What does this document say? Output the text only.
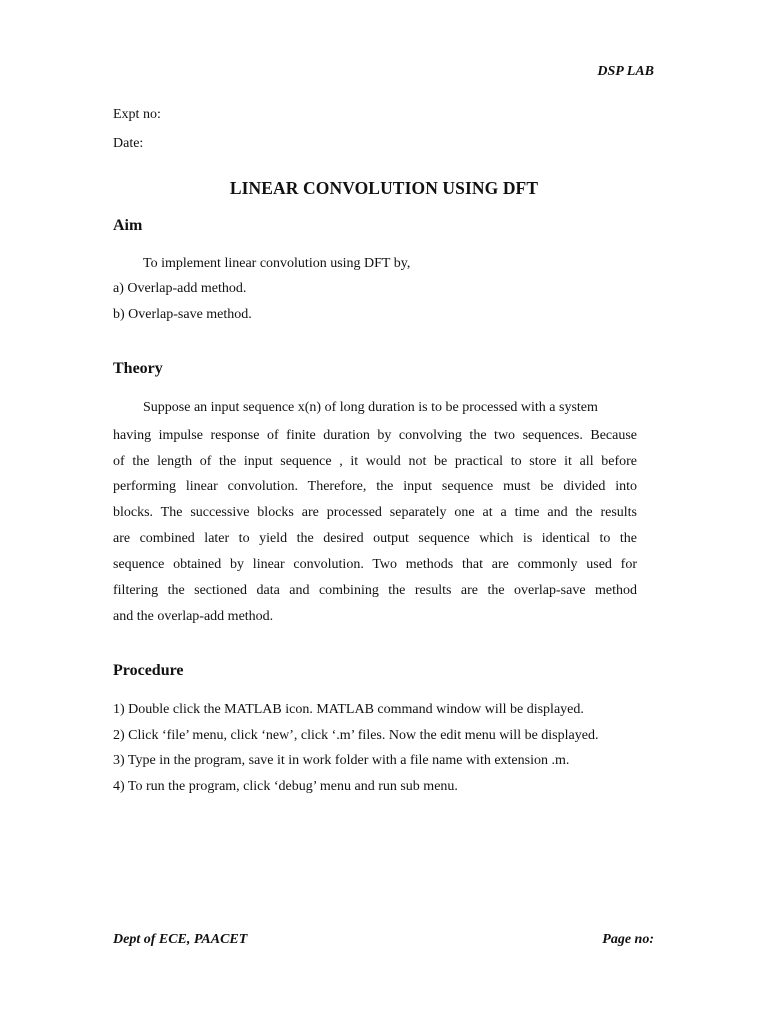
DSP LAB
Expt no:
Date:
LINEAR CONVOLUTION USING DFT
Aim
To implement linear convolution using DFT by,
a) Overlap-add method.
b) Overlap-save method.
Theory
Suppose an input sequence x(n) of long duration is to be processed with a system
having impulse response of finite duration by convolving the two sequences. Because
of the length of the input sequence , it would not be practical to store it all before
performing linear convolution. Therefore, the input sequence must be divided into
blocks. The successive blocks are processed separately one at a time and the results
are combined later to yield the desired output sequence which is identical to the
sequence obtained by linear convolution. Two methods that are commonly used for
filtering the sectioned data and combining the results are the overlap-save method
and the overlap-add method.
Procedure
1) Double click the MATLAB icon. MATLAB command window will be displayed.
2) Click ‘file’ menu, click ‘new’, click ‘.m’ files. Now the edit menu will be displayed.
3) Type in the program, save it in work folder with a file name with extension .m.
4) To run the program, click ‘debug’ menu and run sub menu.
Dept of ECE, PAACET	Page no:
